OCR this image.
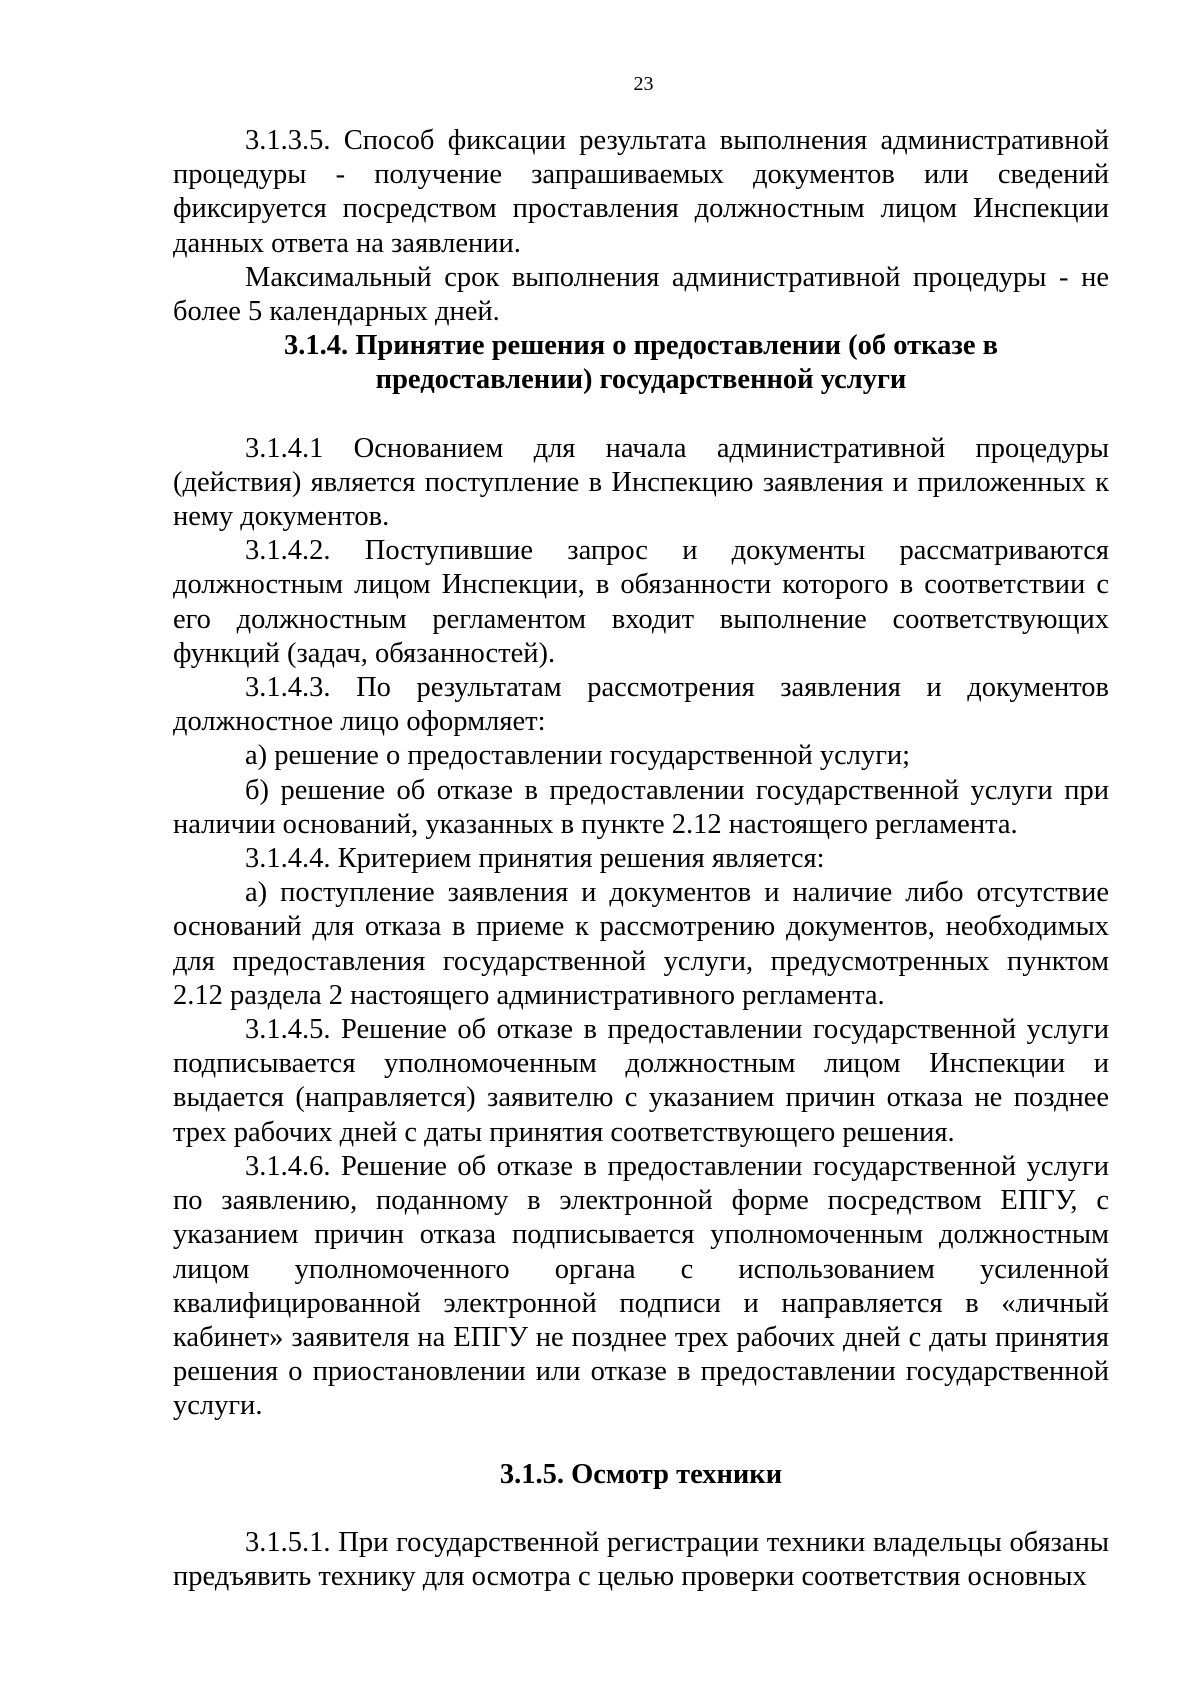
23

3.1.3.5. Способ фиксации результата выполнения административной процедуры - получение запрашиваемых документов или сведений фиксируется посредством проставления должностным лицом Инспекции данных ответа на заявлении.

Максимальный срок выполнения административной процедуры - не более 5 календарных дней.

3.1.4. Принятие решения о предоставлении (об отказе в
предоставлении) государственной услуги

3.1.4.1 Основанием для начала административной процедуры (действия) является поступление в Инспекцию заявления и приложенных к нему документов.

3.1.4.2. Поступившие запрос и документы рассматриваются должностным лицом Инспекции, в обязанности которого в соответствии с его должностным регламентом входит выполнение соответствующих функций (задач, обязанностей).

3.1.4.3. По результатам рассмотрения заявления и документов должностное лицо оформляет:

а) решение о предоставлении государственной услуги;

б) решение об отказе в предоставлении государственной услуги при наличии оснований, указанных в пункте 2.12 настоящего регламента.

3.1.4.4. Критерием принятия решения является:

а) поступление заявления и документов и наличие либо отсутствие оснований для отказа в приеме к рассмотрению документов, необходимых для предоставления государственной услуги, предусмотренных пунктом 2.12 раздела 2 настоящего административного регламента.

3.1.4.5. Решение об отказе в предоставлении государственной услуги подписывается уполномоченным должностным лицом Инспекции и выдается (направляется) заявителю с указанием причин отказа не позднее трех рабочих дней с даты принятия соответствующего решения.

3.1.4.6. Решение об отказе в предоставлении государственной услуги по заявлению, поданному в электронной форме посредством ЕПГУ, с указанием причин отказа подписывается уполномоченным должностным лицом уполномоченного органа с использованием усиленной квалифицированной электронной подписи и направляется в «личный кабинет» заявителя на ЕПГУ не позднее трех рабочих дней с даты принятия решения о приостановлении или отказе в предоставлении государственной услуги.

3.1.5. Осмотр техники

3.1.5.1. При государственной регистрации техники владельцы обязаны предъявить технику для осмотра с целью проверки соответствия основных
